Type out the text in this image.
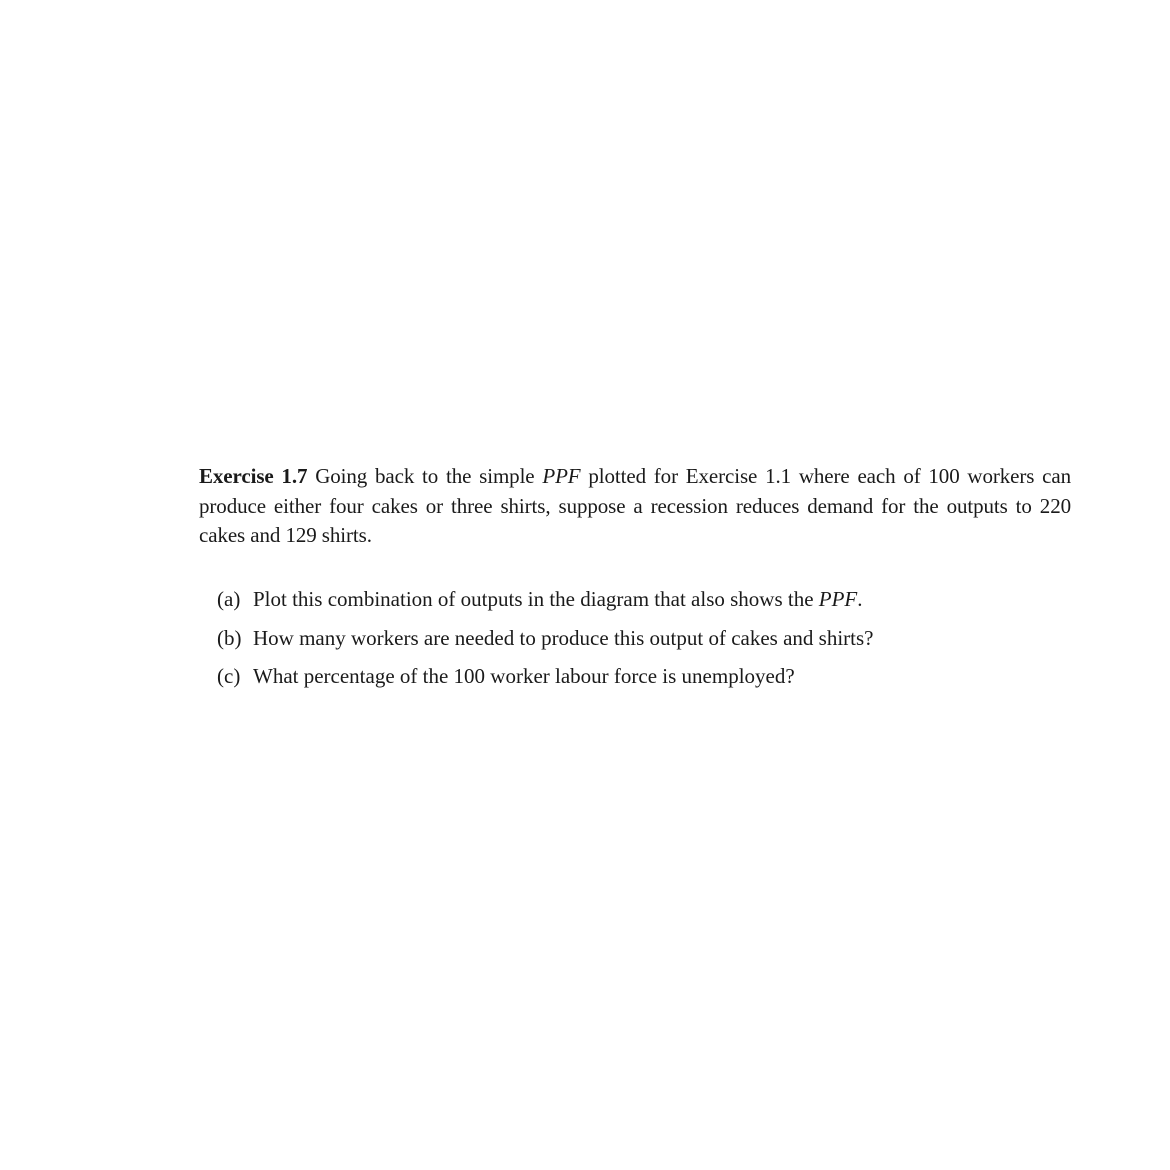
Exercise 1.7 Going back to the simple PPF plotted for Exercise 1.1 where each of 100 workers can produce either four cakes or three shirts, suppose a recession reduces demand for the outputs to 220 cakes and 129 shirts.

(a) Plot this combination of outputs in the diagram that also shows the PPF.
(b) How many workers are needed to produce this output of cakes and shirts?
(c) What percentage of the 100 worker labour force is unemployed?
